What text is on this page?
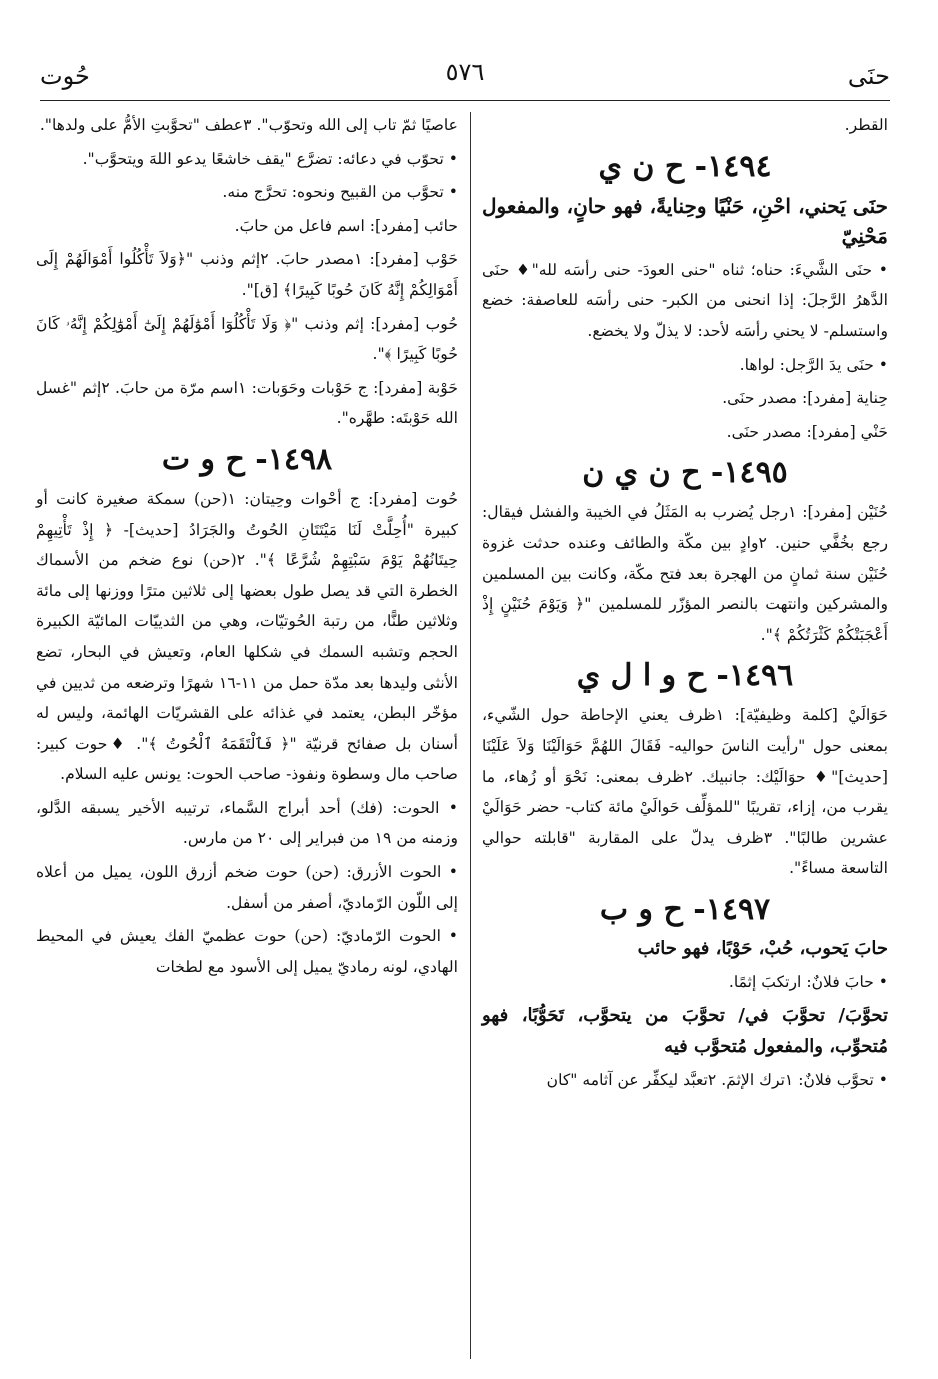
حُوت	٥٧٦	حنَى

القطر.

١٤٩٤- ح ن ي

حنَى يَحني، احْنِ، حَنْيًا وحِنايةً، فهو حانٍ، والمفعول مَحْنِيّ

• حنَى الشَّيءَ: حناه؛ ثناه "حنى العودَ- حنى رأسَه لله"♦ حنَى الدَّهرُ الرَّجلَ: إذا انحنى من الكبر- حنى رأسَه للعاصفة: خضع واستسلم- لا يحني رأسَه لأحد: لا يذلّ ولا يخضع.

• حنَى يدَ الرَّجل: لواها.

حِناية [مفرد]: مصدر حنَى.

حَنْي [مفرد]: مصدر حنَى.

١٤٩٥- ح ن ي ن

حُنَيْن [مفرد]: ١رجل يُضرب به المَثَلُ في الخيبة والفشل فيقال: رجع بخُفَّي حنين. ٢وادٍ بين مكّة والطائف وعنده حدثت غزوة حُنَيْن سنة ثمانٍ من الهجرة بعد فتح مكّة، وكانت بين المسلمين والمشركين وانتهت بالنصر المؤزّر للمسلمين "﴿ وَيَوْمَ حُنَيْنٍ إِذْ أَعْجَبَتْكُمْ كَثْرَتُكُمْ ﴾".

١٤٩٦- ح و ا ل ي

حَوَالَيْ [كلمة وظيفيّة]: ١ظرف يعني الإحاطة حول الشّيء، بمعنى حول "رأيت الناسَ حواليه- فَقَالَ اللهُمَّ حَوَالَيْنَا وَلاَ عَلَيْنَا [حديث]"♦ حوَالَيْك: جانبيك. ٢ظرف بمعنى: نَحْوَ أو زُهاء، ما يقرب من، إزاء، تقريبًا "للمؤلِّف حَوالَيْ مائة كتاب- حضر حَوَالَيْ عشرين طالبًا". ٣ظرف يدلّ على المقاربة "قابلته حوالي التاسعة مساءً".

١٤٩٧- ح و ب

حابَ يَحوب، حُبْ، حَوْبًا، فهو حائب

• حابَ فلانٌ: ارتكبَ إثمًا.

تحوَّبَ/ تحوَّبَ في/ تحوَّبَ من يتحوَّب، تَحَوُّبًا، فهو مُتحوِّب، والمفعول مُتحوَّب فيه

• تحوَّب فلانٌ: ١ترك الإثمَ. ٢تعبَّد ليكفِّر عن آثامه "كان

عاصيًا ثمّ تاب إلى الله وتحوّب". ٣عطف "تحوَّبتِ الأمُّ على ولدها".

• تحوّب في دعائه: تضرَّع "يقف خاشعًا يدعو اللهَ ويتحوَّب".

• تحوَّب من القبيح ونحوه: تحرَّج منه.

حائب [مفرد]: اسم فاعل من حابَ.

حَوْب [مفرد]: ١مصدر حابَ. ٢إثم وذنب "﴿وَلاَ تَأْكُلُوا أَمْوَالَهُمْ إِلَى أَمْوَالِكُمْ إِنَّهُ كَانَ حُوبًا كَبِيرًا﴾ [ق]".

حُوب [مفرد]: إثم وذنب "﴿ وَلَا تَأْكُلُوٓا أَمْوَٰلَهُمْ إِلَىٰٓ أَمْوَٰلِكُمْ إِنَّهُۥ كَانَ حُوبًا كَبِيرًا ﴾".

حَوْبة [مفرد]: ج حَوْبات وحَوَبات: ١اسم مرّة من حابَ. ٢إثم "غسل الله حَوْبتَه: طهَّره".

١٤٩٨- ح و ت

حُوت [مفرد]: ج أحْوات وحِيتان: ١(حن) سمكة صغيرة كانت أو كبيرة "أُحِلَّتْ لَنَا مَيْتَتَانِ الحُوتُ والجَرَادُ [حديث]- ﴿ إِذْ تَأْتِيهِمْ حِيتَانُهُمْ يَوْمَ سَبْتِهِمْ شُرَّعًا ﴾". ٢(حن) نوع ضخم من الأسماك الخطرة التي قد يصل طول بعضها إلى ثلاثين مترًا ووزنها إلى مائة وثلاثين طنًّا، من رتبة الحُوتيّات، وهي من الثدييّات المائيّة الكبيرة الحجم وتشبه السمك في شكلها العام، وتعيش في البحار، تضع الأنثى وليدها بعد مدّة حمل من ١١-١٦ شهرًا وترضعه من ثديين في مؤخّر البطن، يعتمد في غذائه على القشريّات الهائمة، وليس له أسنان بل صفائح قرنيّة "﴿ فَٱلْتَقَمَهُ ٱلْحُوتُ ﴾". ♦حوت كبير: صاحب مال وسطوة ونفوذ- صاحب الحوت: يونس عليه السلام.

• الحوت: (فك) أحد أبراج السَّماء، ترتيبه الأخير يسبقه الدَّلو، وزمنه من ١٩ من فبراير إلى ٢٠ من مارس.

• الحوت الأزرق: (حن) حوت ضخم أزرق اللون، يميل من أعلاه إلى اللّون الرّماديّ، أصفر من أسفل.

• الحوت الرّماديّ: (حن) حوت عظميّ الفك يعيش في المحيط الهادي، لونه رماديّ يميل إلى الأسود مع لطخات
